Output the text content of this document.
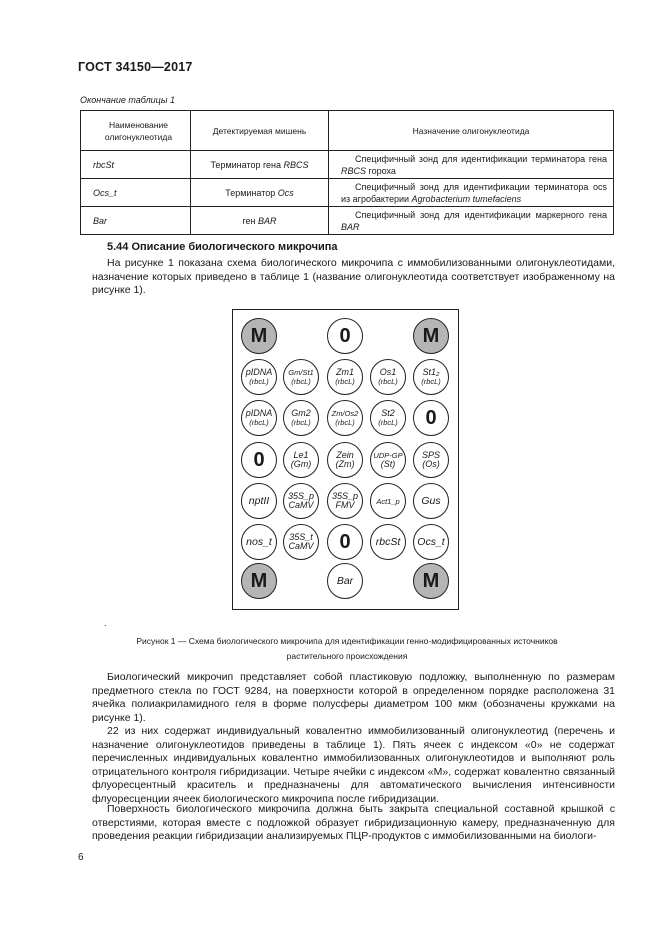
ГОСТ 34150—2017
Окончание таблицы 1
Наименование олигонуклеотида	Детектируемая мишень	Назначение олигонуклеотида
rbcSt	Терминатор гена RBCS	Специфичный зонд для идентификации терминатора гена RBCS гороха
Ocs_t	Терминатор Ocs	Специфичный зонд для идентификации терминатора ocs из агробактерии Agrobacterium tumefaciens
Bar	ген BAR	Специфичный зонд для идентификации маркерного гена BAR
5.44 Описание биологического микрочипа
На рисунке 1 показана схема биологического микрочипа с иммобилизованными олигонуклеотидами, назначение которых приведено в таблице 1 (название олигонуклеотида соответствует изображенному на рисунке 1).
M	0	M
pIDNA
(rbcL)
Gm/St1
(rbcL)
Zm1
(rbcL)
Os1
(rbcL)
St1₂
(rbcL)
pIDNA
(rbcL)
Gm2
(rbcL)
Zm/Os2
(rbcL)
St2
(rbcL) 0
0	Le1
(Gm)
Zein
(Zm)
UDP-GP
(St)
SPS
(Os)
nptII 35S_p
CaMV
35S_p
FMV	Act1_p Gus
nos_t 35S_t
CaMV 0 rbcSt Ocs_t
M	Bar	M
.
Рисунок 1 — Схема биологического микрочипа для идентификации генно-модифицированных источников
растительного происхождения
Биологический микрочип представляет собой пластиковую подложку, выполненную по размерам предметного стекла по ГОСТ 9284, на поверхности которой в определенном порядке расположена 31 ячейка полиакриламидного геля в форме полусферы диаметром 100 мкм (обозначены кружками на рисунке 1).
22 из них содержат индивидуальный ковалентно иммобилизованный олигонуклеотид (перечень и назначение олигонуклеотидов приведены в таблице 1). Пять ячеек с индексом «0» не содержат перечисленных индивидуальных ковалентно иммобилизованных олигонуклеотидов и выполняют роль отрицательного контроля гибридизации. Четыре ячейки с индексом «М», содержат ковалентно связанный флуоресцентный краситель и предназначены для автоматического вычисления интенсивности флуоресценции ячеек биологического микрочипа после гибридизации.
Поверхность биологического микрочипа должна быть закрыта специальной составной крышкой с отверстиями, которая вместе с подложкой образует гибридизационную камеру, предназначенную для проведения реакции гибридизации анализируемых ПЦР-продуктов с иммобилизованными на биологи-
6
